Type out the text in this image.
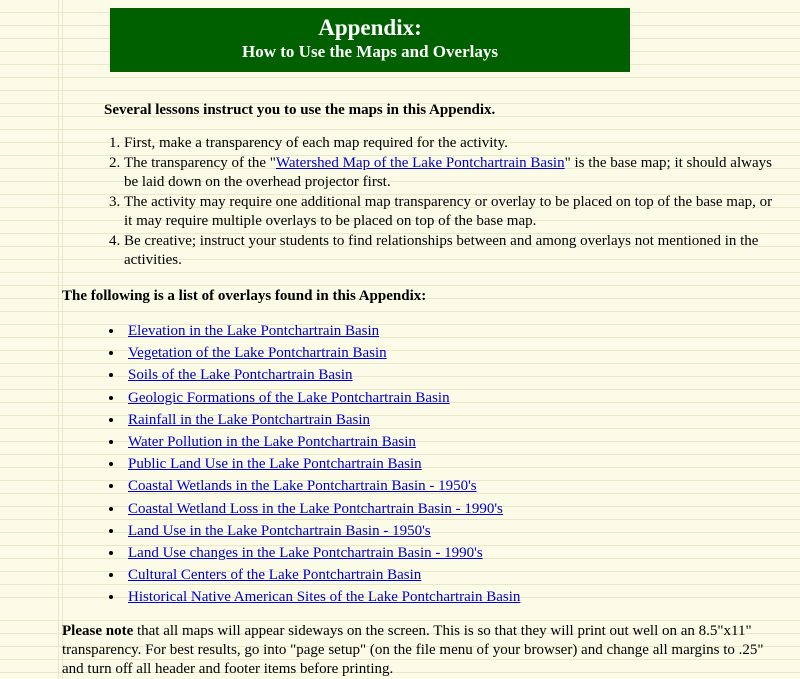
Appendix:
How to Use the Maps and Overlays

Several lessons instruct you to use the maps in this Appendix.

1. First, make a transparency of each map required for the activity.
2. The transparency of the "Watershed Map of the Lake Pontchartrain Basin" is the base map; it should always be laid down on the overhead projector first.
3. The activity may require one additional map transparency or overlay to be placed on top of the base map, or it may require multiple overlays to be placed on top of the base map.
4. Be creative; instruct your students to find relationships between and among overlays not mentioned in the activities.

The following is a list of overlays found in this Appendix:

• Elevation in the Lake Pontchartrain Basin
• Vegetation of the Lake Pontchartrain Basin
• Soils of the Lake Pontchartrain Basin
• Geologic Formations of the Lake Pontchartrain Basin
• Rainfall in the Lake Pontchartrain Basin
• Water Pollution in the Lake Pontchartrain Basin
• Public Land Use in the Lake Pontchartrain Basin
• Coastal Wetlands in the Lake Pontchartrain Basin - 1950's
• Coastal Wetland Loss in the Lake Pontchartrain Basin - 1990's
• Land Use in the Lake Pontchartrain Basin - 1950's
• Land Use changes in the Lake Pontchartrain Basin - 1990's
• Cultural Centers of the Lake Pontchartrain Basin
• Historical Native American Sites of the Lake Pontchartrain Basin

Please note that all maps will appear sideways on the screen. This is so that they will print out well on an 8.5"x11" transparency. For best results, go into "page setup" (on the file menu of your browser) and change all margins to .25" and turn off all header and footer items before printing.
